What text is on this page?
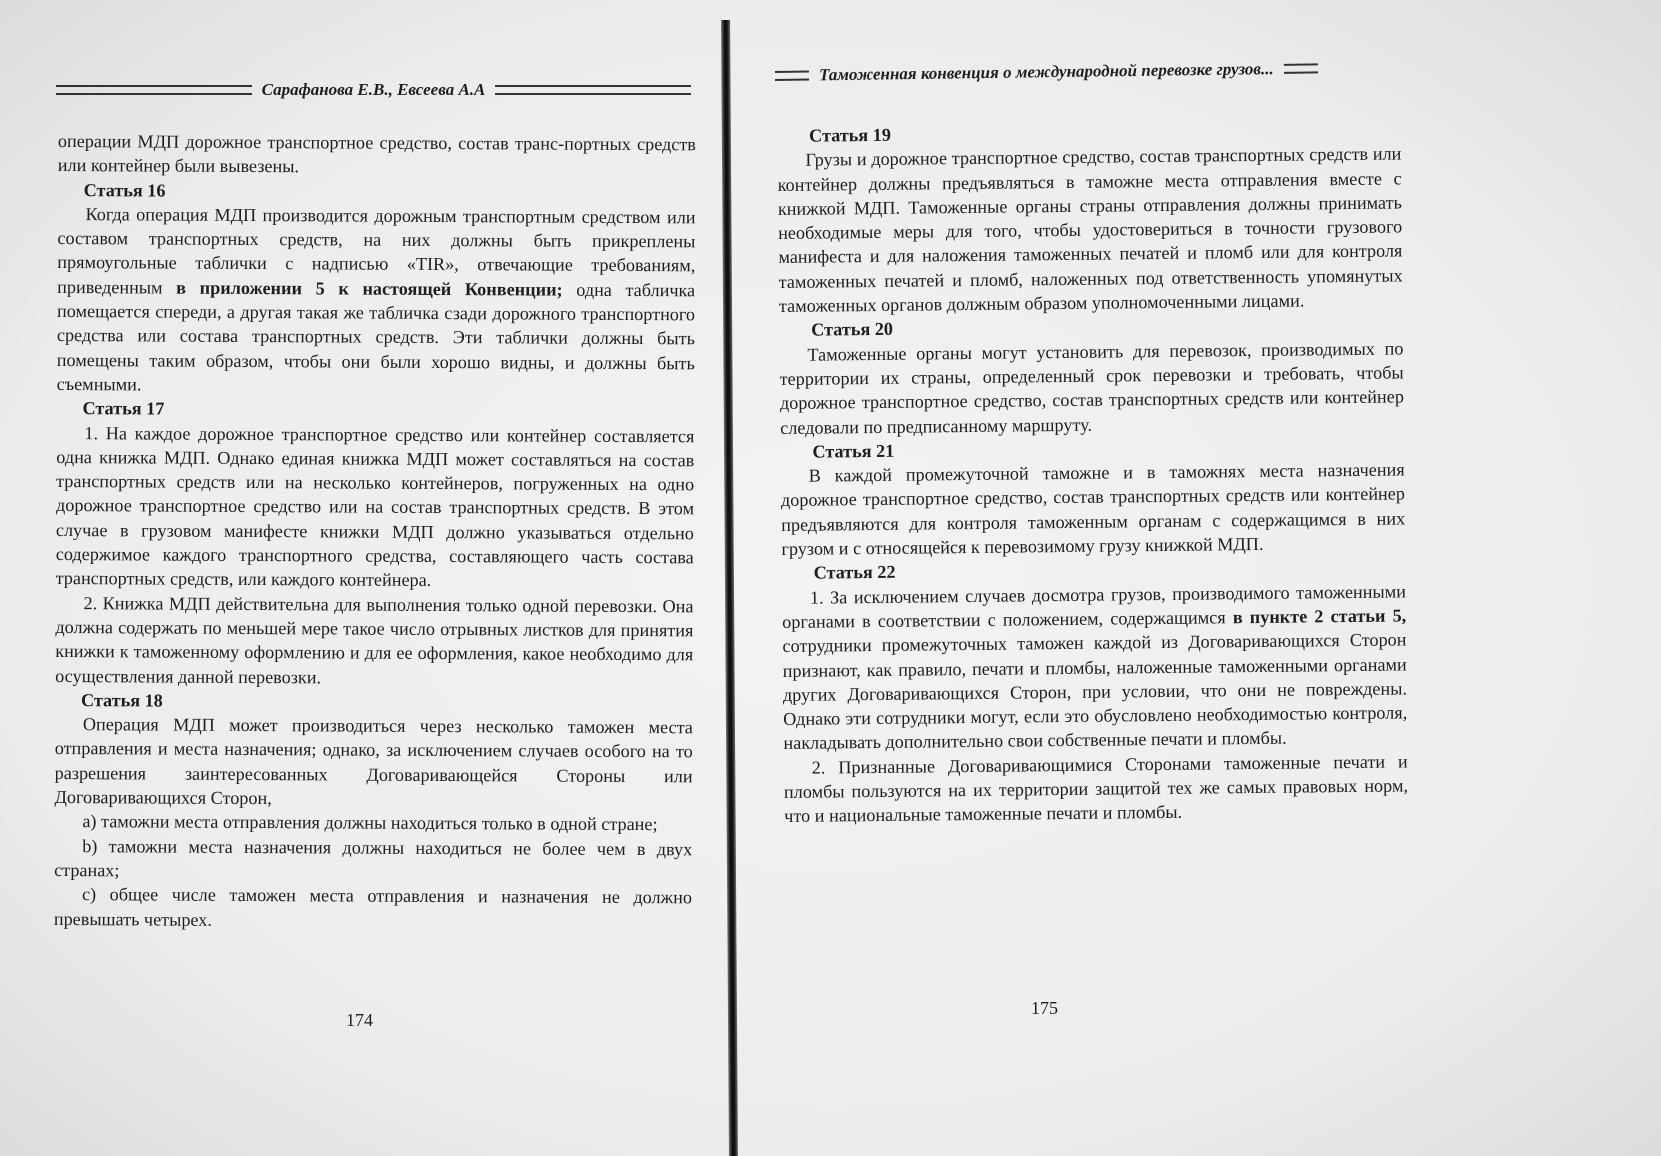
Сарафанова Е.В., Евсеева А.А

операции МДП дорожное транспортное средство, состав транс-портных средств или контейнер были вывезены.

Статья 16

Когда операция МДП производится дорожным транспортным средством или составом транспортных средств, на них должны быть прикреплены прямоугольные таблички с надписью «TIR», отвечающие требованиям, приведенным в приложении 5 к настоящей Конвенции; одна табличка помещается спереди, а другая такая же табличка сзади дорожного транспортного средства или состава транспортных средств. Эти таблички должны быть помещены таким образом, чтобы они были хорошо видны, и должны быть съемными.

Статья 17

1. На каждое дорожное транспортное средство или контейнер составляется одна книжка МДП. Однако единая книжка МДП может составляться на состав транспортных средств или на несколько контейнеров, погруженных на одно дорожное транспортное средство или на состав транспортных средств. В этом случае в грузовом манифесте книжки МДП должно указываться отдельно содержимое каждого транспортного средства, составляющего часть состава транспортных средств, или каждого контейнера.

2. Книжка МДП действительна для выполнения только одной перевозки. Она должна содержать по меньшей мере такое число отрывных листков для принятия книжки к таможенному оформлению и для ее оформления, какое необходимо для осуществления данной перевозки.

Статья 18

Операция МДП может производиться через несколько таможен места отправления и места назначения; однако, за исключением случаев особого на то разрешения заинтересованных Договаривающейся Стороны или Договаривающихся Сторон,

a) таможни места отправления должны находиться только в одной стране;

b) таможни места назначения должны находиться не более чем в двух странах;

c) общее числе таможен места отправления и назначения не должно превышать четырех.

174
Таможенная конвенция о международной перевозке грузов...
Статья 19

Грузы и дорожное транспортное средство, состав транспортных средств или контейнер должны предъявляться в таможне места отправления вместе с книжкой МДП. Таможенные органы страны отправления должны принимать необходимые меры для того, чтобы удостовериться в точности грузового манифеста и для наложения таможенных печатей и пломб или для контроля таможенных печатей и пломб, наложенных под ответственность упомянутых таможенных органов должным образом уполномоченными лицами.

Статья 20

Таможенные органы могут установить для перевозок, производимых по территории их страны, определенный срок перевозки и требовать, чтобы дорожное транспортное средство, состав транспортных средств или контейнер следовали по предписанному маршруту.

Статья 21

В каждой промежуточной таможне и в таможнях места назначения дорожное транспортное средство, состав транспортных средств или контейнер предъявляются для контроля таможенным органам с содержащимся в них грузом и с относящейся к перевозимому грузу книжкой МДП.

Статья 22

1. За исключением случаев досмотра грузов, производимого таможенными органами в соответствии с положением, содержащимся в пункте 2 статьи 5, сотрудники промежуточных таможен каждой из Договаривающихся Сторон признают, как правило, печати и пломбы, наложенные таможенными органами других Договаривающихся Сторон, при условии, что они не повреждены. Однако эти сотрудники могут, если это обусловлено необходимостью контроля, накладывать дополнительно свои собственные печати и пломбы.

2. Признанные Договаривающимися Сторонами таможенные печати и пломбы пользуются на их территории защитой тех же самых правовых норм, что и национальные таможенные печати и пломбы.

175
